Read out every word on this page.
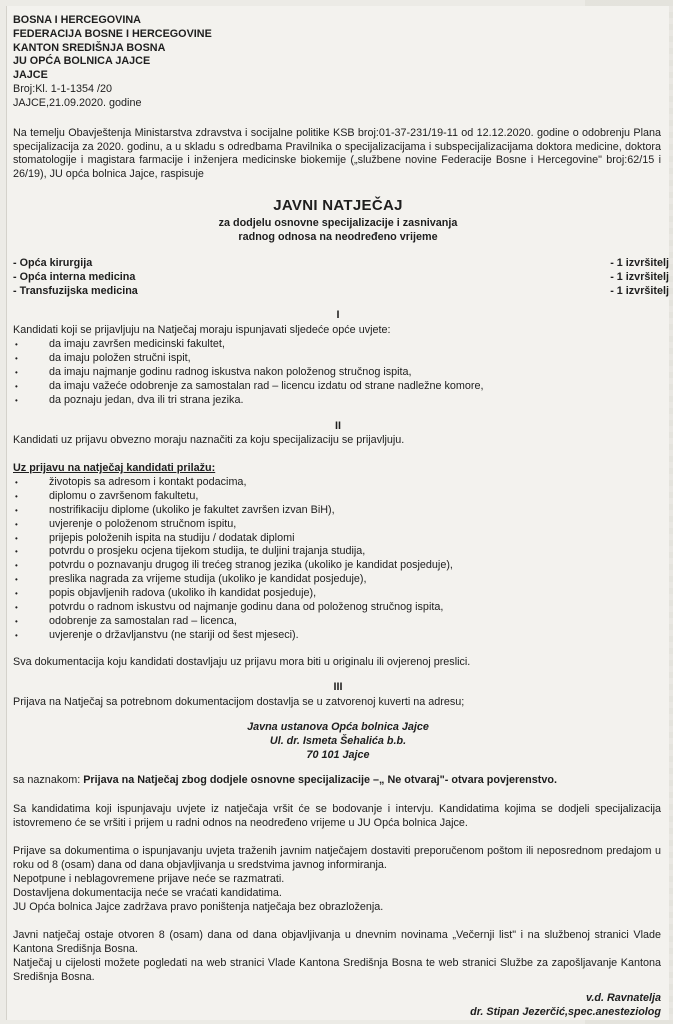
BOSNA I HERCEGOVINA
FEDERACIJA BOSNE I HERCEGOVINE
KANTON SREDIŠNJA BOSNA
JU OPĆA BOLNICA JAJCE
JAJCE
Broj:Kl. 1-1-1354 /20
JAJCE,21.09.2020. godine

Na temelju Obavještenja Ministarstva zdravstva i socijalne politike KSB broj:01-37-231/19-11 od 12.12.2020. godine o odobrenju Plana specijalizacija za 2020. godinu, a u skladu s odredbama Pravilnika o specijalizacijama i subspecijalizacijama doktora medicine, doktora stomatologije i magistara farmacije i inženjera medicinske biokemije („službene novine Federacije Bosne i Hercegovine" broj:62/15 i 26/19), JU opća bolnica Jajce, raspisuje

JAVNI NATJEČAJ
za dodjelu osnovne specijalizacije i zasnivanja
radnog odnosa na neodređeno vrijeme
- Opća kirurgija	- 1 izvršitelj
- Opća interna medicina	- 1 izvršitelj
- Transfuzijska medicina	- 1 izvršitelj
I

Kandidati koji se prijavljuju na Natječaj moraju ispunjavati sljedeće opće uvjete:

• da imaju završen medicinski fakultet,
• da imaju položen stručni ispit,
• da imaju najmanje godinu radnog iskustva nakon položenog stručnog ispita,
• da imaju važeće odobrenje za samostalan rad – licencu izdatu od strane nadležne komore,
• da poznaju jedan, dva ili tri strana jezika.
II

Kandidati uz prijavu obvezno moraju naznačiti za koju specijalizaciju se prijavljuju.

Uz prijavu na natječaj kandidati prilažu:

• životopis sa adresom i kontakt podacima,
• diplomu o završenom fakultetu,
• nostrifikaciju diplome (ukoliko je fakultet završen izvan BiH),
• uvjerenje o položenom stručnom ispitu,
• prijepis položenih ispita na studiju / dodatak diplomi
• potvrdu o prosjeku ocjena tijekom studija, te duljini trajanja studija,
• potvrdu o poznavanju drugog ili trećeg stranog jezika (ukoliko je kandidat posjeduje),
• preslika nagrada za vrijeme studija (ukoliko je kandidat posjeduje),
• popis objavljenih radova (ukoliko ih kandidat posjeduje),
• potvrdu o radnom iskustvu od najmanje godinu dana od položenog stručnog ispita,
• odobrenje za samostalan rad – licenca,
• uvjerenje o državljanstvu (ne stariji od šest mjeseci).

Sva dokumentacija koju kandidati dostavljaju uz prijavu mora biti u originalu ili ovjerenoj preslici.

III

Prijava na Natječaj sa potrebnom dokumentacijom dostavlja se u zatvorenoj kuverti na adresu;

Javna ustanova Opća bolnica Jajce
Ul. dr. Ismeta Šehalića b.b.
70 101 Jajce

sa naznakom: Prijava na Natječaj zbog dodjele osnovne specijalizacije –„ Ne otvaraj"- otvara povjerenstvo.

Sa kandidatima koji ispunjavaju uvjete iz natječaja vršit će se bodovanje i intervju. Kandidatima kojima se dodjeli specijalizacija istovremeno će se vršiti i prijem u radni odnos na neodređeno vrijeme u JU Opća bolnica Jajce.

Prijave sa dokumentima o ispunjavanju uvjeta traženih javnim natječajem dostaviti preporučenom poštom ili neposrednom predajom u roku od 8 (osam) dana od dana objavljivanja u sredstvima javnog informiranja.

Nepotpune i neblagovremene prijave neće se razmatrati.

Dostavljena dokumentacija neće se vraćati kandidatima.

JU Opća bolnica Jajce zadržava pravo poništenja natječaja bez obrazloženja.

Javni natječaj ostaje otvoren 8 (osam) dana od dana objavljivanja u dnevnim novinama „Večernji list" i na službenoj stranici Vlade Kantona Središnja Bosna.

Natječaj u cijelosti možete pogledati na web stranici Vlade Kantona Središnja Bosna te web stranici Službe za zapošljavanje Kantona Središnja Bosna.

v.d. Ravnatelja
dr. Stipan Jezerčić,spec.anesteziolog
